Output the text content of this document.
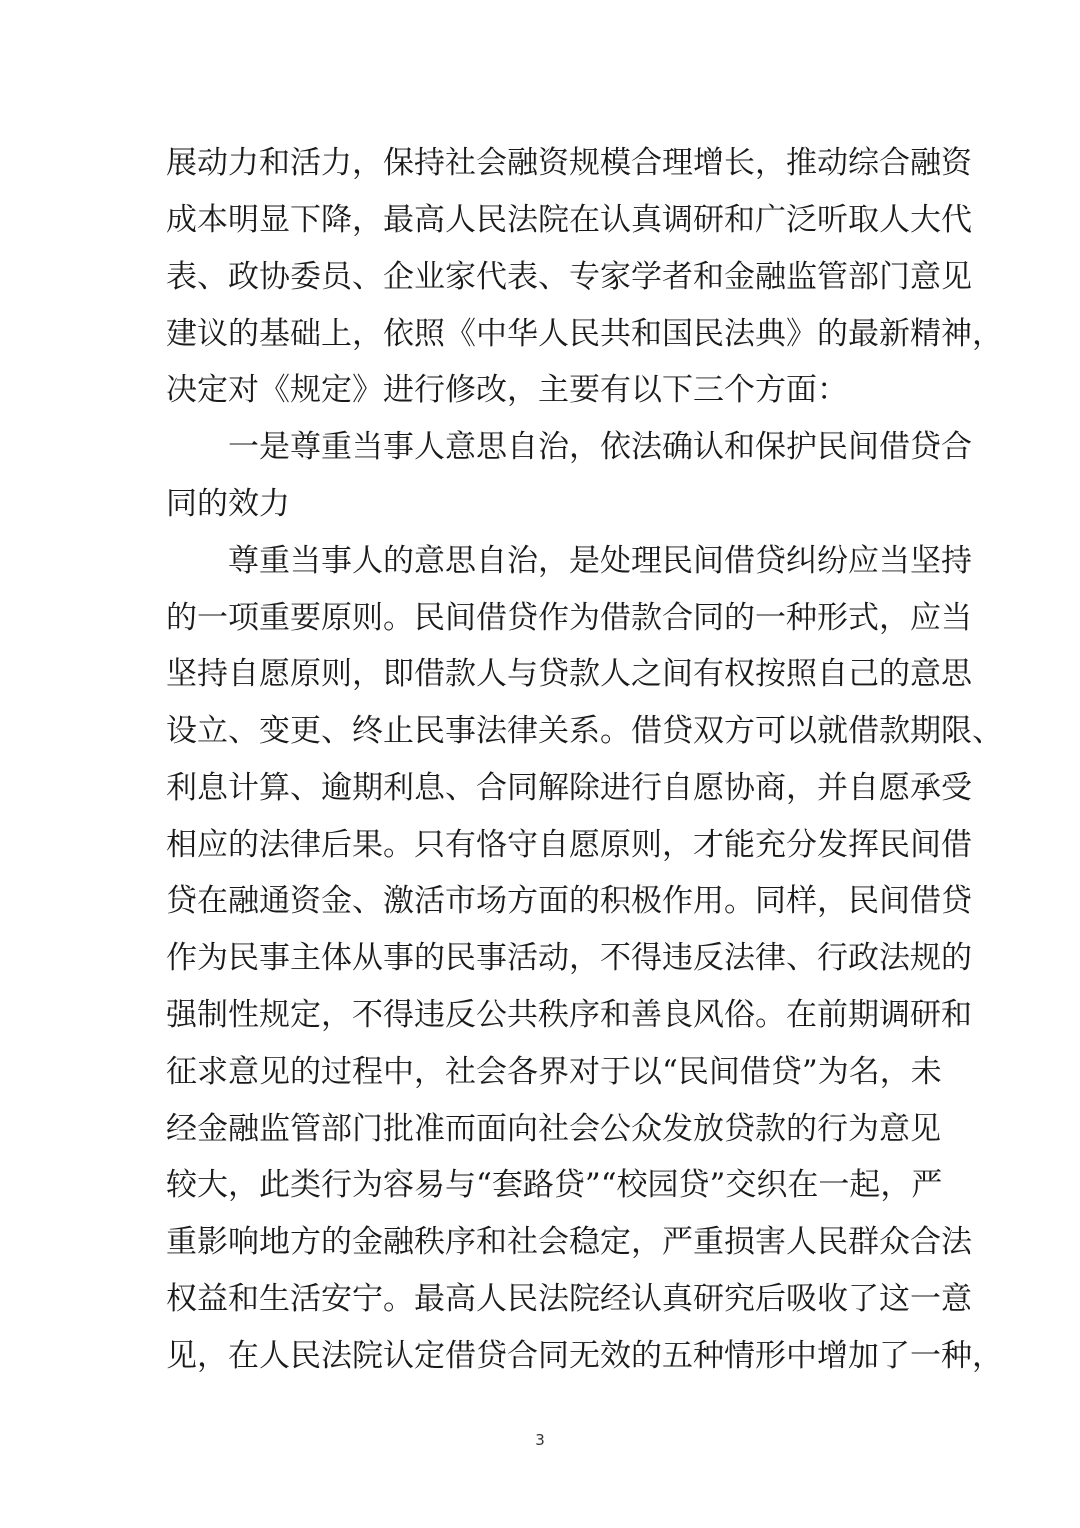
展动力和活力，保持社会融资规模合理增长，推动综合融资
成本明显下降，最高人民法院在认真调研和广泛听取人大代
表、政协委员、企业家代表、专家学者和金融监管部门意见
建议的基础上，依照《中华人民共和国民法典》的最新精神，
决定对《规定》进行修改，主要有以下三个方面：
一是尊重当事人意思自治，依法确认和保护民间借贷合
同的效力
尊重当事人的意思自治，是处理民间借贷纠纷应当坚持
的一项重要原则。民间借贷作为借款合同的一种形式，应当
坚持自愿原则，即借款人与贷款人之间有权按照自己的意思
设立、变更、终止民事法律关系。借贷双方可以就借款期限、
利息计算、逾期利息、合同解除进行自愿协商，并自愿承受
相应的法律后果。只有恪守自愿原则，才能充分发挥民间借
贷在融通资金、激活市场方面的积极作用。同样，民间借贷
作为民事主体从事的民事活动，不得违反法律、行政法规的
强制性规定，不得违反公共秩序和善良风俗。在前期调研和
征求意见的过程中，社会各界对于以“民间借贷”为名，未
经金融监管部门批准而面向社会公众发放贷款的行为意见
较大，此类行为容易与“套路贷”“校园贷”交织在一起，严
重影响地方的金融秩序和社会稳定，严重损害人民群众合法
权益和生活安宁。最高人民法院经认真研究后吸收了这一意
见，在人民法院认定借贷合同无效的五种情形中增加了一种，
3
